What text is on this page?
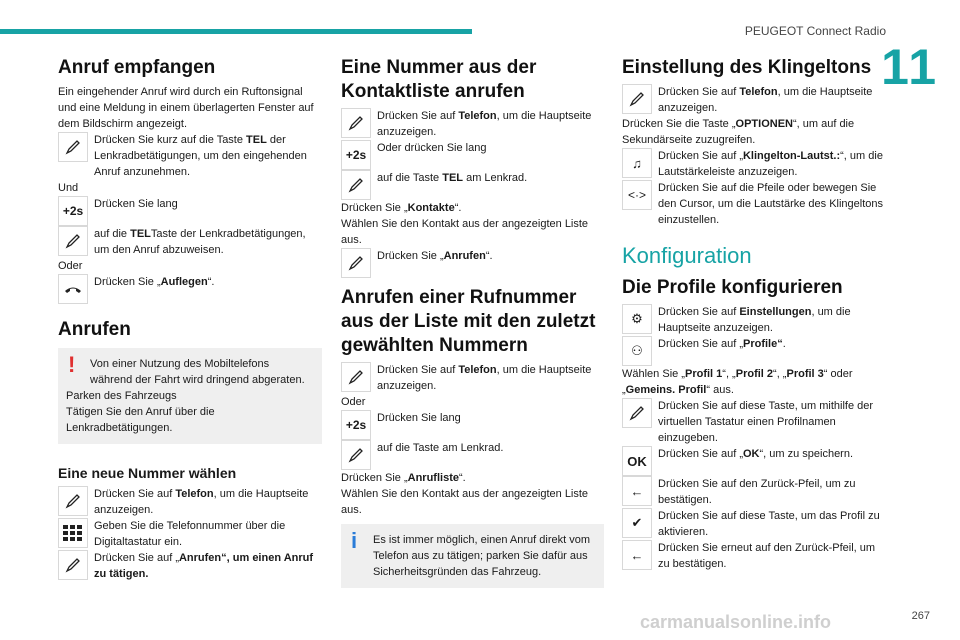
PEUGEOT Connect Radio
11
Anruf empfangen

Ein eingehender Anruf wird durch ein Ruftonsignal und eine Meldung in einem überlagerten Fenster auf dem Bildschirm angezeigt.

Drücken Sie kurz auf die Taste TEL der Lenkradbetätigungen, um den eingehenden Anruf anzunehmen.

Und

+2s Drücken Sie lang

auf die TELTaste der Lenkradbetätigungen, um den Anruf abzuweisen.

Oder

Drücken Sie „Auflegen“.

Anrufen
!	Von einer Nutzung des Mobiltelefons während der Fahrt wird dringend abgeraten.

Parken des Fahrzeugs

Tätigen Sie den Anruf über die Lenkradbetätigungen.

Eine neue Nummer wählen

Drücken Sie auf Telefon, um die Hauptseite anzuzeigen.

Geben Sie die Telefonnummer über die Digitaltastatur ein.

Drücken Sie auf „Anrufen“, um einen Anruf zu tätigen.

Eine Nummer aus der Kontaktliste anrufen

Drücken Sie auf Telefon, um die Hauptseite anzuzeigen.

+2s Oder drücken Sie lang

auf die Taste TEL am Lenkrad.

Drücken Sie „Kontakte“.

Wählen Sie den Kontakt aus der angezeigten Liste aus.

Drücken Sie „Anrufen“.

Anrufen einer Rufnummer aus der Liste mit den zuletzt gewählten Nummern

Drücken Sie auf Telefon, um die Hauptseite anzuzeigen.

Oder

+2s Drücken Sie lang

auf die Taste am Lenkrad.

Drücken Sie „Anrufliste“.

Wählen Sie den Kontakt aus der angezeigten Liste aus.

i	Es ist immer möglich, einen Anruf direkt vom Telefon aus zu tätigen; parken Sie dafür aus Sicherheitsgründen das Fahrzeug.

Einstellung des Klingeltons

Drücken Sie auf Telefon, um die Hauptseite anzuzeigen.

Drücken Sie die Taste „OPTIONEN“, um auf die Sekundärseite zuzugreifen.

♫	Drücken Sie auf „Klingelton-Lautst.:“, um die Lautstärkeleiste anzuzeigen.

<·>	Drücken Sie auf die Pfeile oder bewegen Sie den Cursor, um die Lautstärke des Klingeltons einzustellen.

Konfiguration
Die Profile konfigurieren
⚙	Drücken Sie auf Einstellungen, um die Hauptseite anzuzeigen.

⚇	Drücken Sie auf „Profile“.

Wählen Sie „Profil 1“, „Profil 2“, „Profil 3“ oder „Gemeins. Profil“ aus.

Drücken Sie auf diese Taste, um mithilfe der virtuellen Tastatur einen Profilnamen einzugeben.

OK	Drücken Sie auf „OK“, um zu speichern.

←	Drücken Sie auf den Zurück-Pfeil, um zu bestätigen.

✔	Drücken Sie auf diese Taste, um das Profil zu aktivieren.

←	Drücken Sie erneut auf den Zurück-Pfeil, um zu bestätigen.

carmanualsonline.info	267
